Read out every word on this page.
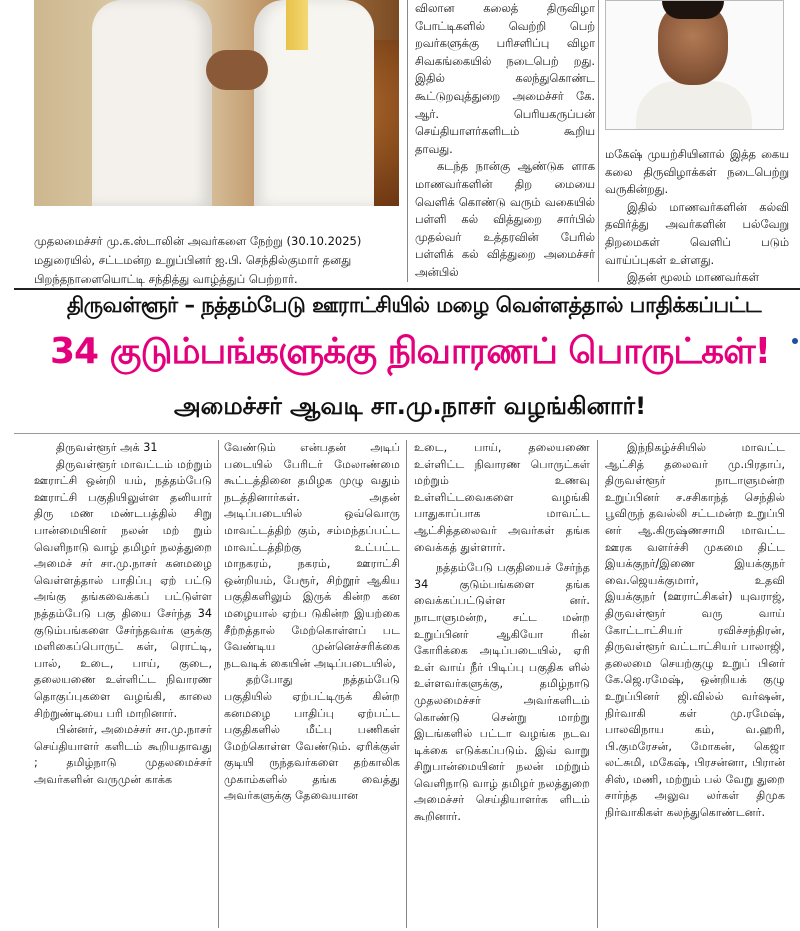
முதலமைச்சர் மு.க.ஸ்டாலின் அவர்களை நேற்று (30.10.2025) மதுரையில், சட்டமன்ற உறுப்பினர் ஐ.பி. செந்தில்குமார் தனது பிறந்தநாளையொட்டி சந்தித்து வாழ்த்துப் பெற்றார்.

விலான கலைத் திருவிழா போட்டிகளில் வெற்றி பெற் றவர்களுக்கு பரிசளிப்பு விழா சிவகங்கையில் நடைபெற் றது. இதில் கலந்துகொண்ட கூட்டுறவுத்துறை அமைச்சர் கே. ஆர். பெரியகருப்பன் செய்தியாளர்களிடம் கூறிய தாவது.

கடந்த நான்கு ஆண்டுக ளாக மாணவர்களின் திற மையை வெளிக் கொண்டு வரும் வகையில் பள்ளி கல் வித்துறை சார்பில் முதல்வர் உத்தரவின் பேரில் பள்ளிக் கல் வித்துறை அமைச்சர் அன்பில்

மகேஷ் முயற்சியினால் இத்த கைய கலை திருவிழாக்கள் நடைபெற்று வருகின்றது.

இதில் மாணவர்களின் கல்வி தவிர்த்து அவர்களின் பல்வேறு திறமைகள் வெளிப் படும் வாய்ப்புகள் உள்ளது.

இதன் மூலம் மாணவர்கள்

திருவள்ளூர் – நத்தம்பேடு ஊராட்சியில் மழை வெள்ளத்தால் பாதிக்கப்பட்ட
34 குடும்பங்களுக்கு நிவாரணப் பொருட்கள்!
அமைச்சர் ஆவடி சா.மு.நாசர் வழங்கினார்!

திருவள்ளூர் அக் 31

திருவள்ளூர் மாவட்டம் மற்றும் ஊராட்சி ஒன்றி யம், நத்தம்பேடு ஊராட்சி பகுதியிலுள்ள தனியார் திரு மண மண்டபத்தில் சிறு பான்மையினர் நலன் மற் றும் வெளிநாடு வாழ் தமிழர் நலத்துறை அமைச் சர் சா.மு.நாசர் கனமழை வெள்ளத்தால் பாதிப்பு ஏற் பட்டு அங்கு தங்கவைக்கப் பட்டுள்ள நத்தம்பேடு பகு தியை சேர்ந்த 34 குடும்பங்களை சேர்ந்தவர்க ளுக்கு மளிகைப்பொருட் கள், ரொட்டி, பால், உடை, பாய், குடை, தலையணை உள்ளிட்ட நிவாரண தொகுப்புகளை வழங்கி, காலை சிற்றுண்டியை பரி மாறினார்.

பின்னர், அமைச்சர் சா.மு.நாசர் செய்தியாளர் களிடம் கூறியதாவது ; தமிழ்நாடு முதலமைச்சர் அவர்களின் வருமுன் காக்க

வேண்டும் என்பதன் அடிப் படையில் பேரிடர் மேலாண்மை கூட்டத்தினை தமிழக முழு வதும் நடத்தினார்கள். அதன் அடிப்படையில் ஒவ்வொரு மாவட்டத்திற் கும், சம்மந்தப்பட்ட மாவட்டத்திற்கு உட்பட்ட மாநகரம், நகரம், ஊராட்சி ஒன்றியம், பேரூர், சிற்றூர் ஆகிய பகுதிகளிலும் இருக் கின்ற கன மழையால் ஏற்ப டுகின்ற இயற்கை சீற்றத்தால் மேற்கொள்ளப் பட வேண்டிய முன்னெச்சரிக்கை நடவடிக் கையின் அடிப்படையில்,

தற்போது நத்தம்பேடு பகுதியில் ஏற்பட்டிருக் கின்ற கனமழை பாதிப்பு ஏற்பட்ட பகுதிகளில் மீட்பு பணிகள் மேற்கொள்ள வேண்டும். ஏரிக்குள் குடியி ருந்தவர்களை தற்காலிக முகாம்களில் தங்க வைத்து அவர்களுக்கு தேவையான

உடை, பாய், தலையணை உள்ளிட்ட நிவாரண பொருட்கள் மற்றும் உணவு உள்ளிட்டவைகளை வழங்கி பாதுகாப்பாக மாவட்ட ஆட்சித்தலைவர் அவர்கள் தங்க வைக்கத் துள்ளார்.

நத்தம்பேடு பகுதியைச் சேர்ந்த 34 குடும்பங்களை தங்க வைக்கப்பட்டுள்ள னர். நாடாளுமன்ற, சட்ட மன்ற உறுப்பினர் ஆகியோ ரின் கோரிக்கை அடிப்படையில், ஏரி உள் வாய் நீர் பிடிப்பு பகுதிக ளில் உள்ளவர்களுக்கு, தமிழ்நாடு முதலமைச்சர் அவர்களிடம் கொண்டு சென்று மாற்று இடங்களில் பட்டா வழங்க நடவ டிக்கை எடுக்கப்படும். இவ் வாறு சிறுபான்மையினர் நலன் மற்றும் வெளிநாடு வாழ் தமிழர் நலத்துறை அமைச்சர் செய்தியாளர்க ளிடம் கூறினார்.

இந்நிகழ்ச்சியில் மாவட்ட ஆட்சித் தலைவர் மு.பிரதாப், திருவள்ளூர் நாடாளுமன்ற உறுப்பினர் ச.சசிகாந்த் செந்தில் பூவிருந் தவல்லி சட்டமன்ற உறுப்பி னர் ஆ.கிருஷ்ணசாமி மாவட்ட ஊரக வளர்ச்சி முகமை திட்ட இயக்குநர்/இணை இயக்குநர் வை.ஜெயக்குமார், உதவி இயக்குநர் (ஊராட்சிகள்) யுவராஜ், திருவள்ளூர் வரு வாய் கோட்டாட்சியர் ரவிச்சந்திரன், திருவள்ளூர் வட்டாட்சியர் பாலாஜி, தலைமை செயற்குழு உறுப் பினர் கே.ஜெ.ரமேஷ், ஒன்றியக் குழு உறுப்பினர் ஜி.வில்ல் வர்ஷன், நிர்வாகி கள் மு.ரமேஷ், பாலவிநாய கம், வ.ஹரி, பி.குமரேசன், மோகன், கெஜா லட்சுமி, மகேஷ், பிரசன்னா, பிரான் சிஸ், மணி, மற்றும் பல் வேறு துறை சார்ந்த அலுவ லர்கள் திமுக நிர்வாகிகள் கலந்துகொண்டனர்.
